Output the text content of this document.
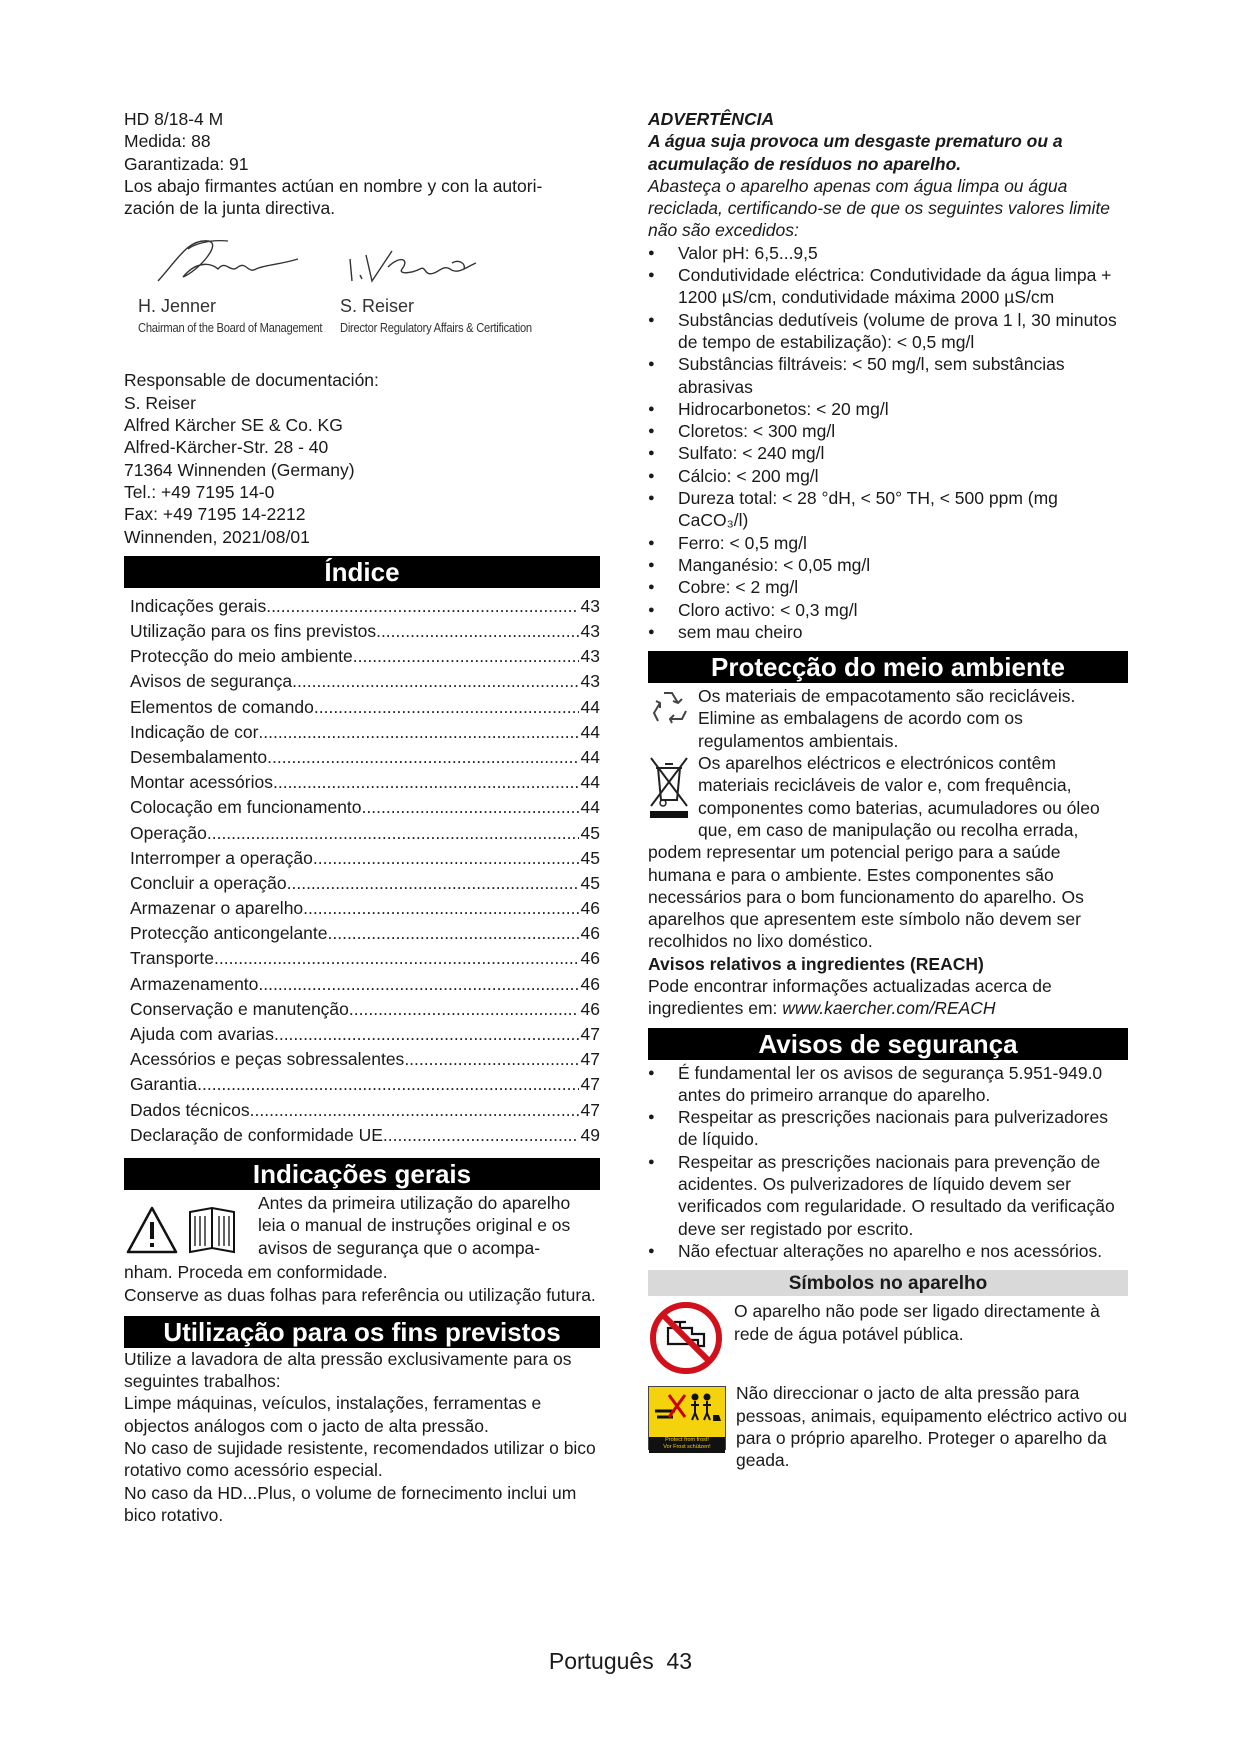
HD 8/18-4 M

Medida: 88

Garantizada: 91

Los abajo firmantes actúan en nombre y con la autori-

zación de la junta directiva.

H. Jenner
Chairman of the Board of Management
S. Reiser
Director Regulatory Affairs & Certification

Responsable de documentación:

S. Reiser

Alfred Kärcher SE & Co. KG

Alfred-Kärcher-Str. 28 - 40

71364 Winnenden (Germany)

Tel.: +49 7195 14-0

Fax: +49 7195 14-2212

Winnenden, 2021/08/01

Índice
Indicações gerais .....	43
Utilização para os fins previstos .....	43
Protecção do meio ambiente .....	43
Avisos de segurança .....	43
Elementos de comando .....	44
Indicação de cor .....	44
Desembalamento .....	44
Montar acessórios .....	44
Colocação em funcionamento .....	44
Operação .....	45
Interromper a operação .....	45
Concluir a operação .....	45
Armazenar o aparelho .....	46
Protecção anticongelante .....	46
Transporte .....	46
Armazenamento .....	46
Conservação e manutenção .....	46
Ajuda com avarias .....	47
Acessórios e peças sobressalentes .....	47
Garantia .....	47
Dados técnicos .....	47
Declaração de conformidade UE .....	49
Indicações gerais

Antes da primeira utilização do aparelho

leia o manual de instruções original e os

avisos de segurança que o acompa-

nham. Proceda em conformidade.

Conserve as duas folhas para referência ou utilização futura.

Utilização para os fins previstos

Utilize a lavadora de alta pressão exclusivamente para os seguintes trabalhos:

Limpe máquinas, veículos, instalações, ferramentas e objectos análogos com o jacto de alta pressão.

No caso de sujidade resistente, recomendados utilizar o bico rotativo como acessório especial.

No caso da HD...Plus, o volume de fornecimento inclui um bico rotativo.

ADVERTÊNCIA

A água suja provoca um desgaste prematuro ou a acumulação de resíduos no aparelho.

Abasteça o aparelho apenas com água limpa ou água reciclada, certificando-se de que os seguintes valores limite não são excedidos:

● Valor pH: 6,5...9,5
● Condutividade eléctrica: Condutividade da água limpa + 1200 µS/cm, condutividade máxima 2000 µS/cm
● Substâncias dedutíveis (volume de prova 1 l, 30 minutos de tempo de estabilização): < 0,5 mg/l
● Substâncias filtráveis: < 50 mg/l, sem substâncias abrasivas
● Hidrocarbonetos: < 20 mg/l
● Cloretos: < 300 mg/l
● Sulfato: < 240 mg/l
● Cálcio: < 200 mg/l
● Dureza total: < 28 °dH, < 50° TH, < 500 ppm (mg CaCO₃/l)
● Ferro: < 0,5 mg/l
● Manganésio: < 0,05 mg/l
● Cobre: < 2 mg/l
● Cloro activo: < 0,3 mg/l
● sem mau cheiro
Protecção do meio ambiente

Os materiais de empacotamento são recicláveis. Elimine as embalagens de acordo com os regulamentos ambientais.

Os aparelhos eléctricos e electrónicos contêm materiais recicláveis de valor e, com frequência, componentes como baterias, acumuladores ou óleo que, em caso de manipulação ou recolha errada, podem representar um potencial perigo para a saúde humana e para o ambiente. Estes componentes são necessários para o bom funcionamento do aparelho. Os aparelhos que apresentem este símbolo não devem ser recolhidos no lixo doméstico.

Avisos relativos a ingredientes (REACH)

Pode encontrar informações actualizadas acerca de ingredientes em: www.kaercher.com/REACH

Avisos de segurança
● É fundamental ler os avisos de segurança 5.951-949.0 antes do primeiro arranque do aparelho.
● Respeitar as prescrições nacionais para pulverizadores de líquido.
● Respeitar as prescrições nacionais para prevenção de acidentes. Os pulverizadores de líquido devem ser verificados com regularidade. O resultado da verificação deve ser registado por escrito.
● Não efectuar alterações no aparelho e nos acessórios.
Símbolos no aparelho

O aparelho não pode ser ligado directamente à rede de água potável pública.

Protect from frost!
Vor Frost schützen!

Não direccionar o jacto de alta pressão para pessoas, animais, equipamento eléctrico activo ou para o próprio aparelho. Proteger o aparelho da geada.

Português 43
